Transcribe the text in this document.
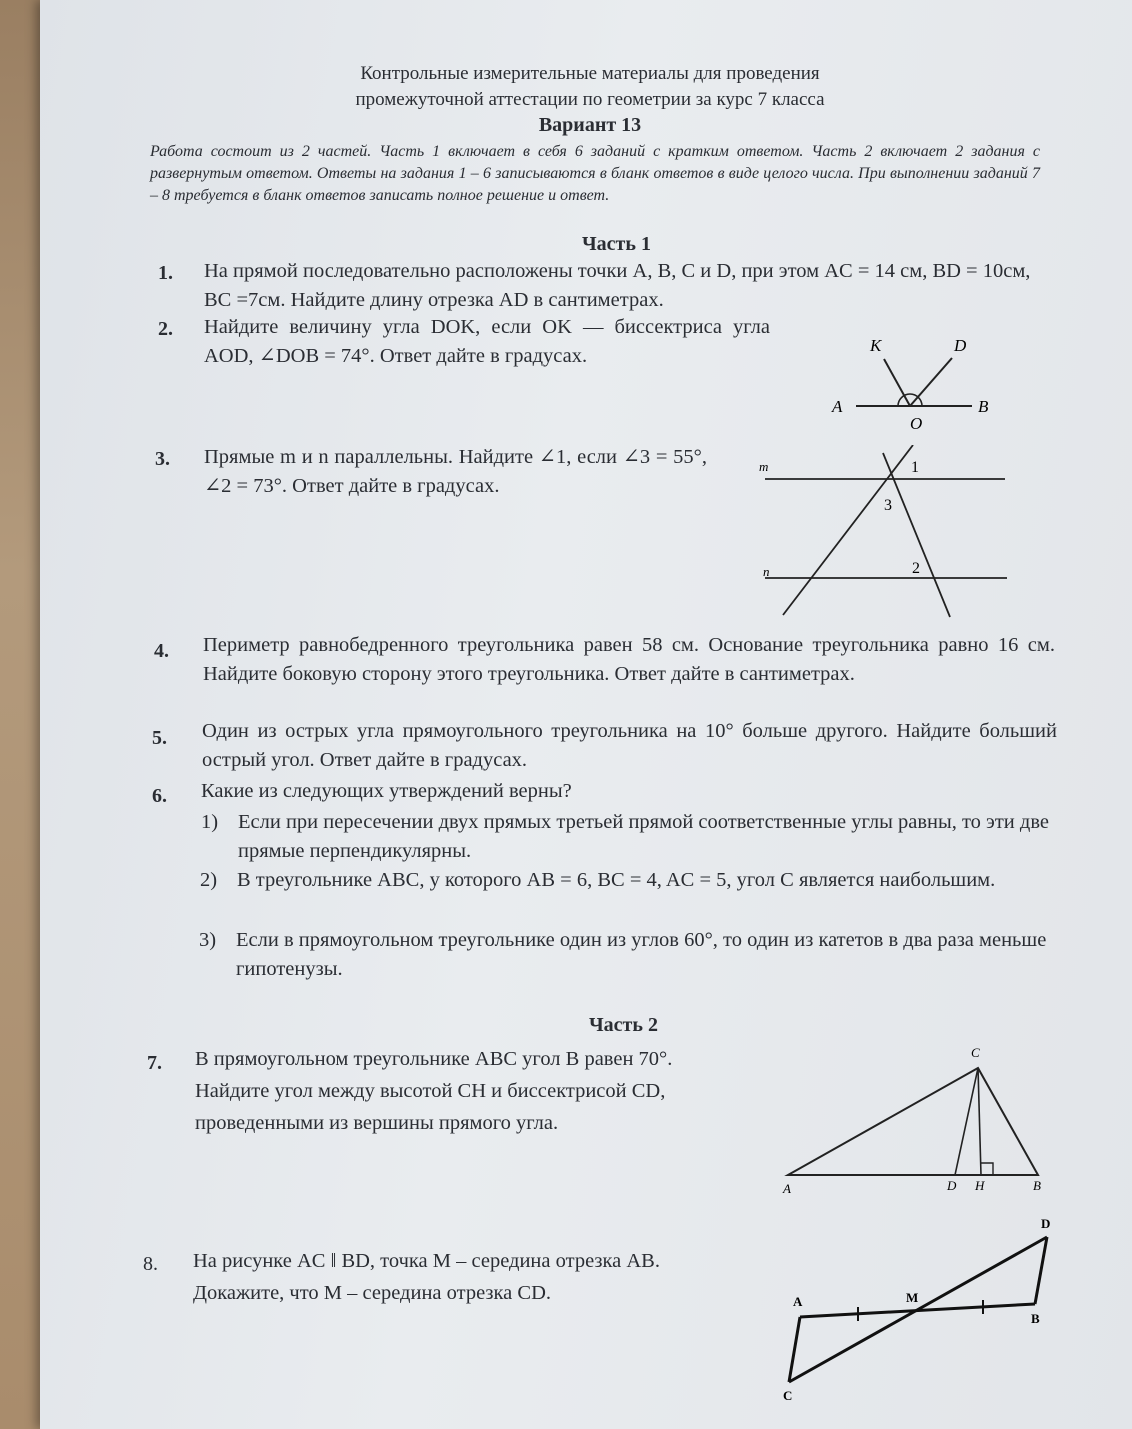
Контрольные измерительные материалы для проведения
промежуточной аттестации по геометрии за курс 7 класса
Вариант 13
Работа состоит из 2 частей. Часть 1 включает в себя 6 заданий с кратким ответом. Часть 2 включает 2 задания с развернутым ответом. Ответы на задания 1 – 6 записываются в бланк ответов в виде целого числа. При выполнении заданий 7 – 8 требуется в бланк ответов записать полное решение и ответ.
Часть 1
1. На прямой последовательно расположены точки A, B, C и D, при этом AC = 14 см, BD = 10см, BC =7см. Найдите длину отрезка AD в сантиметрах.
2. Найдите величину угла DOK, если OK — биссектриса угла AOD, ∠DOB = 74°. Ответ дайте в градусах.
3. Прямые m и n параллельны. Найдите ∠1, если ∠3 = 55°, ∠2 = 73°. Ответ дайте в градусах.
4. Периметр равнобедренного треугольника равен 58 см. Основание треугольника равно 16 см. Найдите боковую сторону этого треугольника. Ответ дайте в сантиметрах.
5. Один из острых угла прямоугольного треугольника на 10° больше другого. Найдите больший острый угол. Ответ дайте в градусах.
6. Какие из следующих утверждений верны?
1) Если при пересечении двух прямых третьей прямой соответственные углы равны, то эти две прямые перпендикулярны.
2) В треугольнике ABC, у которого AB = 6, BC = 4, AC = 5, угол C является наибольшим.
3) Если в прямоугольном треугольнике один из углов 60°, то один из катетов в два раза меньше гипотенузы.
Часть 2
7. В прямоугольном треугольнике ABC угол B равен 70°. Найдите угол между высотой CH и биссектрисой CD, проведенными из вершины прямого угла.
8. На рисунке AC ‖ BD, точка M – середина отрезка AB. Докажите, что M – середина отрезка CD.
K	D
A	B
O
m
n
1
3
2
C
A	D H	B
A
B
C
D
M
